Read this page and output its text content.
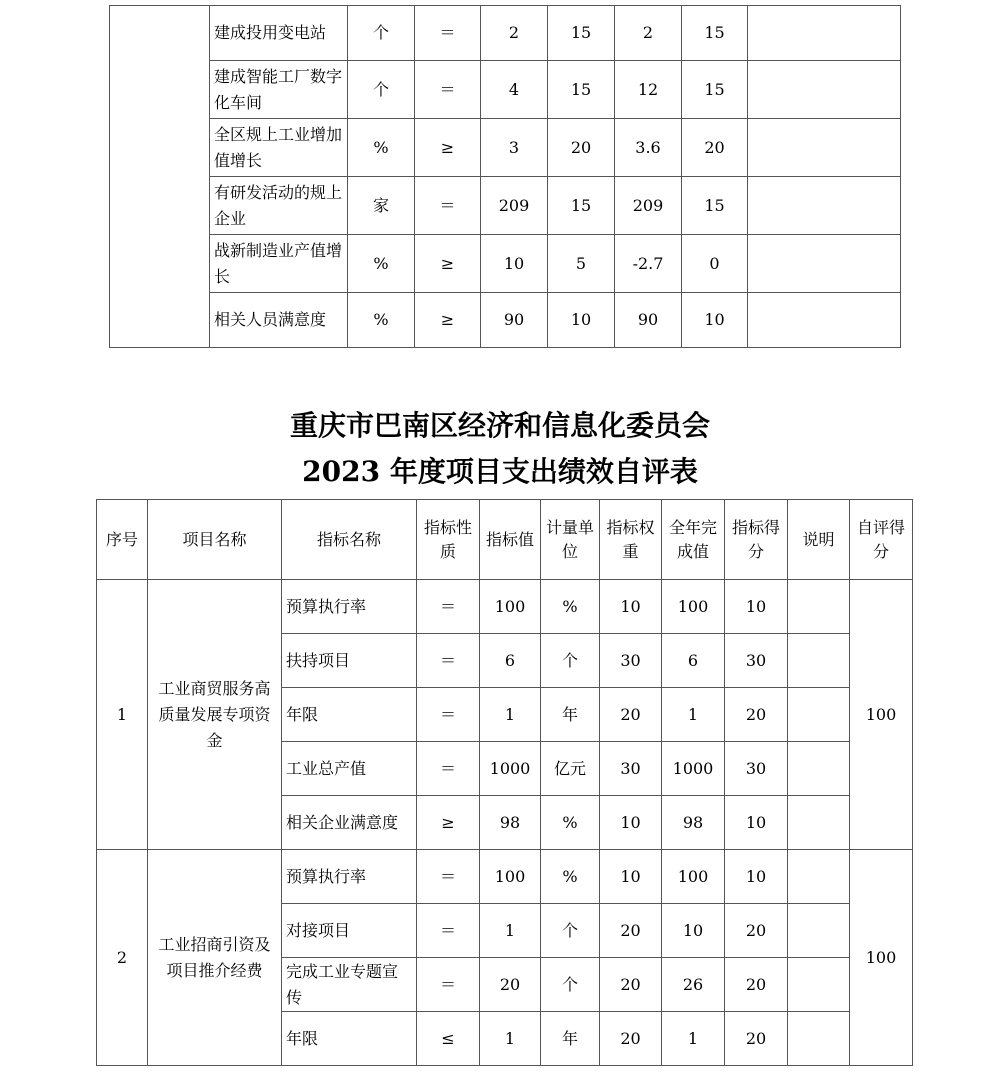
	建成投用变电站	个	＝	2	15	2	15	
	建成智能工厂数字化车间	个	＝	4	15	12	15	
	全区规上工业增加值增长	%	≥	3	20	3.6	20	
	有研发活动的规上企业	家	＝	209	15	209	15	
	战新制造业产值增长	%	≥	10	5	-2.7	0	
	相关人员满意度	%	≥	90	10	90	10	
重庆市巴南区经济和信息化委员会
2023 年度项目支出绩效自评表
序号	项目名称	指标名称	指标性质	指标值	计量单位	指标权重	全年完成值	指标得分	说明	自评得分
1	工业商贸服务高质量发展专项资金	预算执行率	＝	100	%	10	100	10		100
		扶持项目	＝	6	个	30	6	30		
		年限	＝	1	年	20	1	20		
		工业总产值	＝	1000	亿元	30	1000	30		
		相关企业满意度	≥	98	%	10	98	10		
2	工业招商引资及项目推介经费	预算执行率	＝	100	%	10	100	10		100
		对接项目	＝	1	个	20	10	20		
		完成工业专题宣传	＝	20	个	20	26	20		
		年限	≤	1	年	20	1	20		
